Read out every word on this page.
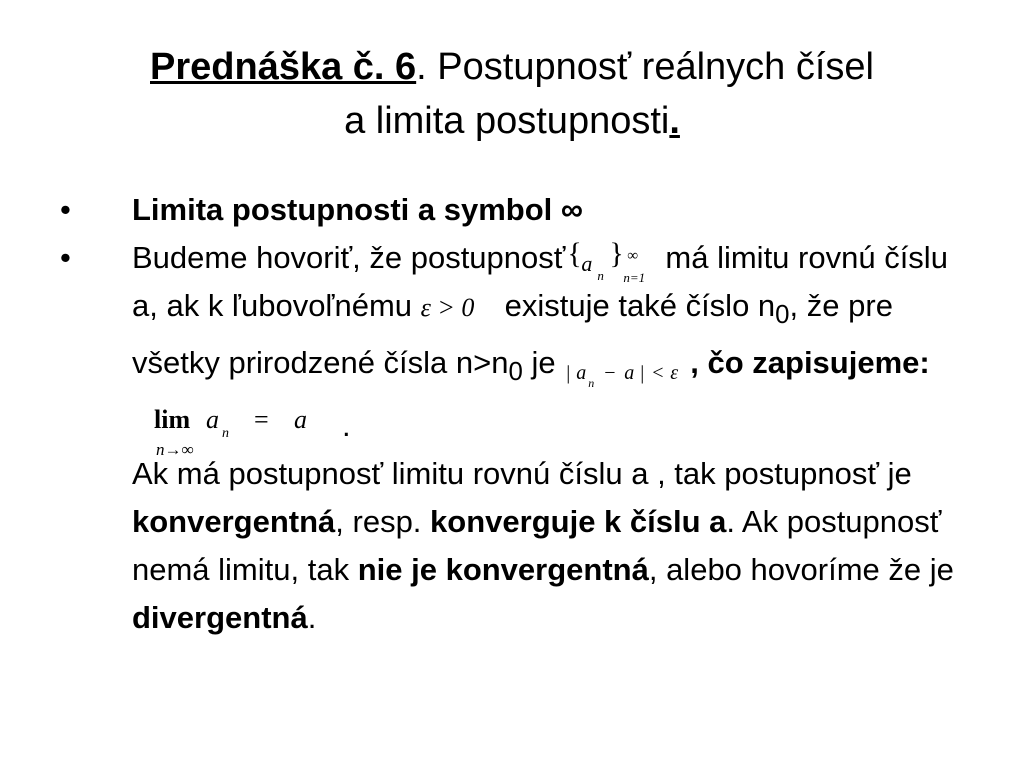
Prednáška č. 6. Postupnosť reálnych čísel
a limita postupnosti.
• Limita postupnosti a symbol ∞
• Budeme hovoriť, že postupnosť { a n
} ∞
n=1
má limitu rovnú číslu a, ak k ľubovoľnému ε > 0 existuje také číslo $n_0$, že pre všetky prirodzené čísla $n>n_0$ je | a n − a | < ε , čo zapisujeme:
lim a n = a
n→∞
.
Ak má postupnosť limitu rovnú číslu a , tak postupnosť je konvergentná, resp. konverguje k číslu a. Ak postupnosť nemá limitu, tak nie je konvergentná, alebo hovoríme že je divergentná.
